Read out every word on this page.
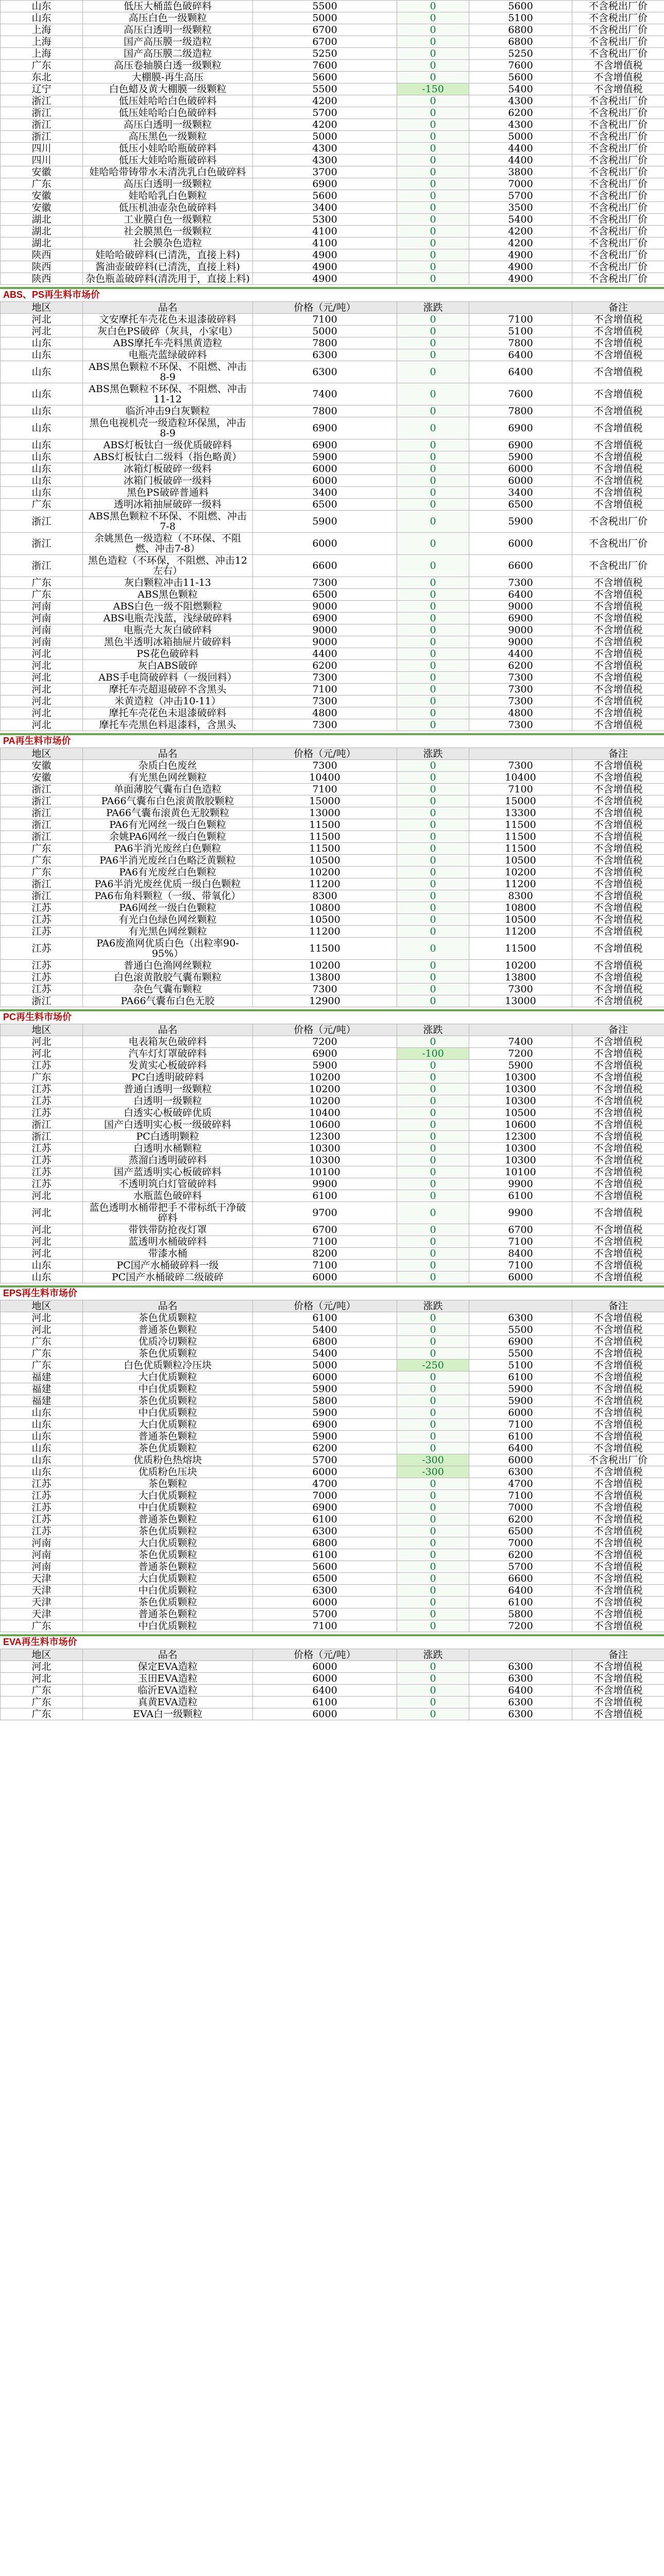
山东	低压大桶蓝色破碎料	5500	0	5600	不含税出厂价
山东	高压白色一级颗粒	5000	0	5100	不含税出厂价
上海	高压白透明一级颗粒	6700	0	6800	不含税出厂价
上海	国产高压膜一级造粒	6700	0	6800	不含税出厂价
上海	国产高压膜二级造粒	5250	0	5250	不含税出厂价
广东	高压卷轴膜白透一级颗粒	7600	0	7600	不含增值税
东北	大棚膜-再生高压	5600	0	5600	不含增值税
辽宁	白色蜡及黄大棚膜一级颗粒	5500	-150	5400	不含增值税
浙江	低压娃哈哈白色破碎料	4200	0	4300	不含税出厂价
浙江	低压娃哈哈白色破碎料	5700	0	6200	不含税出厂价
浙江	高压白透明一级颗粒	4200	0	4300	不含税出厂价
浙江	高压黑色一级颗粒	5000	0	5000	不含税出厂价
四川	低压小娃哈哈瓶破碎料	4300	0	4400	不含税出厂价
四川	低压大娃哈哈瓶破碎料	4300	0	4400	不含税出厂价
安徽	娃哈哈带铸带水未清洗乳白色破碎料	3700	0	3800	不含税出厂价
广东	高压白透明一级颗粒	6900	0	7000	不含税出厂价
安徽	娃哈哈乳白色颗粒	5600	0	5700	不含税出厂价
安徽	低压机油壶杂色破碎料	3400	0	3500	不含税出厂价
湖北	工业膜白色一级颗粒	5300	0	5400	不含税出厂价
湖北	社会膜黑色一级颗粒	4100	0	4200	不含税出厂价
湖北	社会膜杂色造粒	4100	0	4200	不含税出厂价
陕西	娃哈哈破碎料(已清洗，直接上料)	4900	0	4900	不含税出厂价
陕西	酱油壶破碎料(已清洗，直接上料)	4900	0	4900	不含税出厂价
陕西	杂色瓶盖破碎料(清洗用于，直接上料)	4900	0	4900	不含税出厂价
ABS、PS再生料市场价
地区	品名	价格（元/吨）	涨跌		备注
河北	文安摩托车壳花色未退漆破碎料	7100	0	7100	不含增值税
河北	灰白色PS破碎（灰具，小家电）	5000	0	5100	不含增值税
山东	ABS摩托车壳料黑黄造粒	7800	0	7800	不含增值税
山东	电瓶壳蓝绿破碎料	6300	0	6400	不含增值税
山东	ABS黑色颗粒不环保、不阻燃、冲击8-9	6300	0	6400	不含增值税
山东	ABS黑色颗粒不环保、不阻燃、冲击11-12	7400	0	7600	不含增值税
山东	临沂冲击9白灰颗粒	7800	0	7800	不含增值税
山东	黑色电视机壳一级造粒环保黑，冲击8-9	6900	0	6900	不含增值税
山东	ABS灯板钛白一级优质破碎料	6900	0	6900	不含增值税
山东	ABS灯板钛白二级料（指色略黄）	5900	0	5900	不含增值税
山东	冰箱灯板破碎一级料	6000	0	6000	不含增值税
山东	冰箱门板破碎一级料	6000	0	6000	不含增值税
山东	黑色PS破碎普通料	3400	0	3400	不含增值税
广东	透明冰箱抽屉破碎一级料	6500	0	6500	不含增值税
浙江	ABS黑色颗粒不环保、不阻燃、冲击7-8	5900	0	5900	不含税出厂价
浙江	余姚黑色一级造粒（不环保、不阻燃、冲击7-8）	6000	0	6000	不含税出厂价
浙江	黑色造粒（不环保，不阻燃、冲击12左右）	6600	0	6600	不含税出厂价
广东	灰白颗粒冲击11-13	7300	0	7300	不含增值税
广东	ABS黑色颗粒	6500	0	6400	不含增值税
河南	ABS白色一级不阻燃颗粒	9000	0	9000	不含增值税
河南	ABS电瓶壳浅蓝，浅绿破碎料	6900	0	6900	不含增值税
河南	电瓶壳大灰白破碎料	9000	0	9000	不含增值税
河南	黑色半透明冰箱抽屉片破碎料	9000	0	9000	不含增值税
河北	PS花色破碎料	4400	0	4400	不含增值税
河北	灰白ABS破碎	6200	0	6200	不含增值税
河北	ABS手电筒破碎料（一级回料）	7300	0	7300	不含增值税
河北	摩托车壳超退破碎不含黑头	7100	0	7300	不含增值税
河北	米黄造粒（冲击10-11）	7300	0	7300	不含增值税
河北	摩托车壳花色未退漆破碎料	4800	0	4800	不含增值税
河北	摩托车壳黑色料退漆料，含黑头	7300	0	7300	不含增值税
PA再生料市场价
地区	品名	价格（元/吨）	涨跌		备注
安徽	杂质白色废丝	7300	0	7300	不含增值税
安徽	有光黑色网丝颗粒	10400	0	10400	不含增值税
浙江	单面薄胶气囊布白色造粒	7100	0	7100	不含增值税
浙江	PA66气囊布白色滚黄散胶颗粒	15000	0	15000	不含增值税
浙江	PA66气囊布滚黄色无胶颗粒	13000	0	13300	不含增值税
浙江	PA6有光网丝一级白色颗粒	11500	0	11500	不含增值税
浙江	余姚PA6网丝一级白色颗粒	11500	0	11500	不含增值税
广东	PA6半消光废丝白色颗粒	11500	0	11500	不含增值税
广东	PA6半消光废丝白色略泛黄颗粒	10500	0	10500	不含增值税
广东	PA6有光废丝白色颗粒	10200	0	10200	不含增值税
浙江	PA6半消光废丝优质一级白色颗粒	11200	0	11200	不含增值税
浙江	PA6布角料颗粒（一级、带氧化）	8300	0	8300	不含增值税
江苏	PA6网丝一级白色颗粒	10800	0	10800	不含增值税
江苏	有光白色绿色网丝颗粒	10500	0	10500	不含增值税
江苏	有光黑色网丝颗粒	11200	0	11200	不含增值税
江苏	PA6废渔网优质白色（出粒率90-95%）	11500	0	11500	不含增值税
江苏	普通白色渔网丝颗粒	10200	0	10200	不含增值税
江苏	白色滚黄散胶气囊布颗粒	13800	0	13800	不含增值税
江苏	杂色气囊布颗粒	7300	0	7300	不含增值税
浙江	PA66气囊布白色无胶	12900	0	13000	不含增值税
PC再生料市场价
地区	品名	价格（元/吨）	涨跌		备注
河北	电表箱灰色破碎料	7200	0	7400	不含增值税
河北	汽车灯灯罩破碎料	6900	-100	7200	不含增值税
江苏	发黄实心板破碎料	5900	0	5900	不含增值税
广东	PC白透明破碎料	10200	0	10300	不含增值税
江苏	普通白透明一级颗粒	10200	0	10300	不含增值税
江苏	白透明一级颗粒	10200	0	10300	不含增值税
江苏	白透实心板破碎优质	10400	0	10500	不含增值税
浙江	国产白透明实心板一级破碎料	10600	0	10600	不含增值税
浙江	PC白透明颗粒	12300	0	12300	不含增值税
江苏	白透明水桶颗粒	10300	0	10300	不含增值税
江苏	蒸溜白透明破碎料	10300	0	10300	不含增值税
江苏	国产蓝透明实心板破碎料	10100	0	10100	不含增值税
江苏	不透明筑白灯管破碎料	9900	0	9900	不含增值税
河北	水瓶蓝色破碎料	6100	0	6100	不含增值税
河北	蓝色透明水桶带把手不带标纸干净破碎料	9700	0	9900	不含增值税
河北	带铁带防抢夜灯罩	6700	0	6700	不含增值税
河北	蓝透明水桶破碎料	7100	0	7100	不含增值税
河北	带漆水桶	8200	0	8400	不含增值税
山东	PC国产水桶破碎料一级	7100	0	7100	不含增值税
山东	PC国产水桶破碎二级破碎	6000	0	6000	不含增值税
EPS再生料市场价
地区	品名	价格（元/吨）	涨跌		备注
河北	茶色优质颗粒	6100	0	6300	不含增值税
河北	普通茶色颗粒	5400	0	5500	不含增值税
广东	优质冷切颗粒	6800	0	6900	不含增值税
广东	茶色优质颗粒	5400	0	5500	不含增值税
广东	白色优质颗粒冷压块	5000	-250	5100	不含增值税
福建	大白优质颗粒	6000	0	6100	不含增值税
福建	中白优质颗粒	5900	0	5900	不含增值税
福建	茶色优质颗粒	5800	0	5900	不含增值税
山东	中白优质颗粒	5900	0	6000	不含增值税
山东	大白优质颗粒	6900	0	7100	不含增值税
山东	普通茶色颗粒	5900	0	6100	不含增值税
山东	茶色优质颗粒	6200	0	6400	不含增值税
山东	优质粉色热熔块	5700	-300	6000	不含税出厂价
山东	优质粉色压块	6000	-300	6300	不含增值税
江苏	茶色颗粒	4700	0	4700	不含增值税
江苏	大白优质颗粒	7000	0	7100	不含增值税
江苏	中白优质颗粒	6900	0	7000	不含增值税
江苏	普通茶色颗粒	6100	0	6200	不含增值税
江苏	茶色优质颗粒	6300	0	6500	不含增值税
河南	大白优质颗粒	6800	0	7000	不含增值税
河南	茶色优质颗粒	6100	0	6200	不含增值税
河南	普通茶色颗粒	5600	0	5700	不含增值税
天津	大白优质颗粒	6500	0	6600	不含增值税
天津	中白优质颗粒	6300	0	6400	不含增值税
天津	茶色优质颗粒	6000	0	6100	不含增值税
天津	普通茶色颗粒	5700	0	5800	不含增值税
广东	中白优质颗粒	7100	0	7200	不含增值税
EVA再生料市场价
地区	品名	价格（元/吨）	涨跌		备注
河北	保定EVA造粒	6000	0	6300	不含增值税
河北	玉田EVA造粒	6000	0	6300	不含增值税
广东	临沂EVA造粒	6400	0	6400	不含增值税
广东	真黄EVA造粒	6100	0	6300	不含增值税
广东	EVA白一级颗粒	6000	0	6300	不含增值税
